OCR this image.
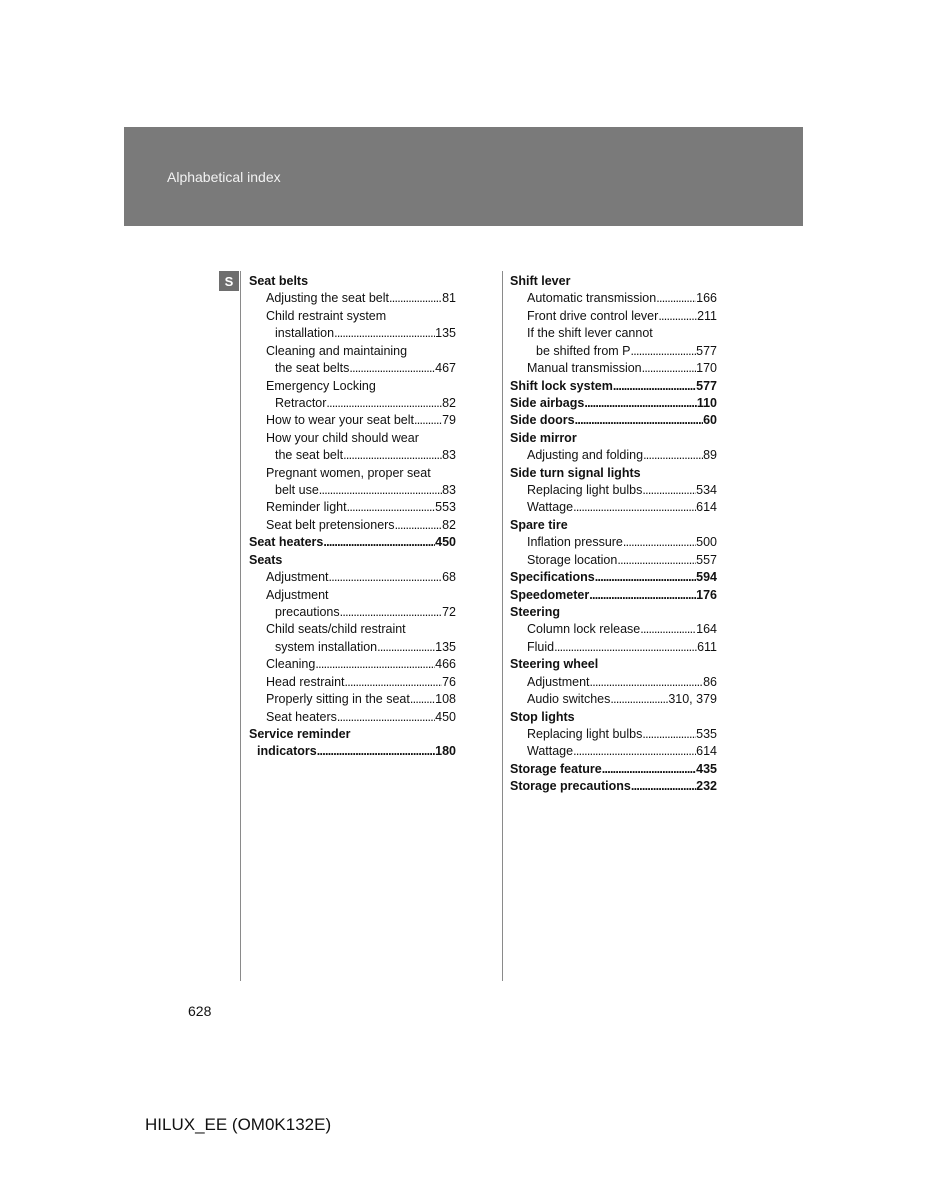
Alphabetical index
S	Seat belts
Adjusting the seat belt . . .	81
Child restraint system
installation . . .	135
Cleaning and maintaining
the seat belts . . .	467
Emergency Locking
Retractor . . .	82
How to wear your seat belt . . . 79
How your child should wear
the seat belt . . .	83
Pregnant women, proper seat
belt use . . .	83
Reminder light . . .	553
Seat belt pretensioners . . .	82
Seat heaters . . .	450
Seats
Adjustment . . .	68
Adjustment
precautions . . .	72
Child seats/child restraint
system installation . . .	135
Cleaning . . .	466
Head restraint . . .	76
Properly sitting in the seat . . . 108
Seat heaters . . .	450
Service reminder
indicators . . .	180
Shift lever
Automatic transmission . . .	166
Front drive control lever . . .	211
If the shift lever cannot
be shifted from P . . .	577
Manual transmission . . .	170
Shift lock system . . .	577
Side airbags . . .	110
Side doors . . .	60
Side mirror
Adjusting and folding . . .	89
Side turn signal lights
Replacing light bulbs . . .	534
Wattage . . .	614
Spare tire
Inflation pressure . . .	500
Storage location . . .	557
Specifications . . .	594
Speedometer . . .	176
Steering
Column lock release . . .	164
Fluid . . .	611
Steering wheel
Adjustment . . .	86
Audio switches . . .	310, 379
Stop lights
Replacing light bulbs . . .	535
Wattage . . .	614
Storage feature . . .	435
Storage precautions . . .	232
628
HILUX_EE (OM0K132E)
